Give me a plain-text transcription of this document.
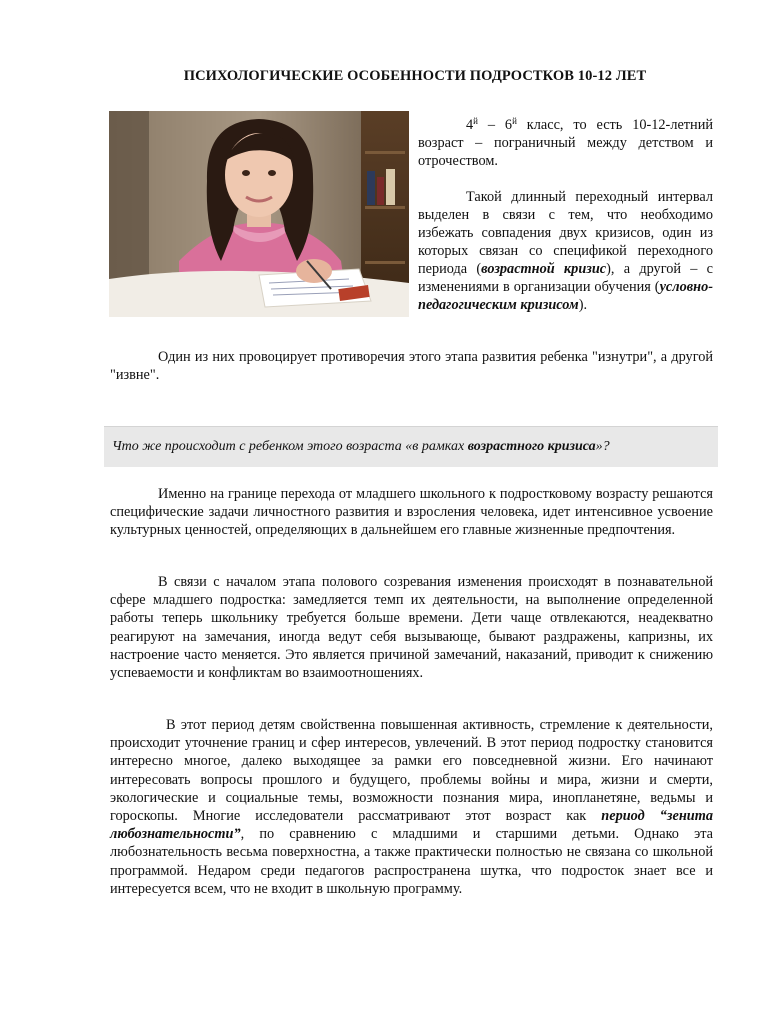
ПСИХОЛОГИЧЕСКИЕ ОСОБЕННОСТИ ПОДРОСТКОВ 10-12 ЛЕТ

$4^й - 6^й$ класс, то есть 10-12-летний возраст – пограничный между детством и отрочеством.

Такой длинный переходный интервал выделен в связи с тем, что необходимо избежать совпадения двух кризисов, один из которых связан со спецификой переходного периода (возрастной кризис), а другой – с изменениями в организации обучения (условно-педагогическим кризисом).

Один из них провоцирует противоречия этого этапа развития ребенка "изнутри", а другой "извне".

Что же происходит с ребенком этого возраста «в рамках возрастного кризиса»?

Именно на границе перехода от младшего школьного к подростковому возрасту решаются специфические задачи личностного развития и взросления человека, идет интенсивное усвоение культурных ценностей, определяющих в дальнейшем его главные жизненные предпочтения.

В связи с началом этапа полового созревания изменения происходят в познавательной сфере младшего подростка: замедляется темп их деятельности, на выполнение определенной работы теперь школьнику требуется больше времени. Дети чаще отвлекаются, неадекватно реагируют на замечания, иногда ведут себя вызывающе, бывают раздражены, капризны, их настроение часто меняется. Это является причиной замечаний, наказаний, приводит к снижению успеваемости и конфликтам во взаимоотношениях.

В этот период детям свойственна повышенная активность, стремление к деятельности, происходит уточнение границ и сфер интересов, увлечений. В этот период подростку становится интересно многое, далеко выходящее за рамки его повседневной жизни. Его начинают интересовать вопросы прошлого и будущего, проблемы войны и мира, жизни и смерти, экологические и социальные темы, возможности познания мира, инопланетяне, ведьмы и гороскопы. Многие исследователи рассматривают этот возраст как период “зенита любознательности”, по сравнению с младшими и старшими детьми. Однако эта любознательность весьма поверхностна, а также практически полностью не связана со школьной программой. Недаром среди педагогов распространена шутка, что подросток знает все и интересуется всем, что не входит в школьную программу.
